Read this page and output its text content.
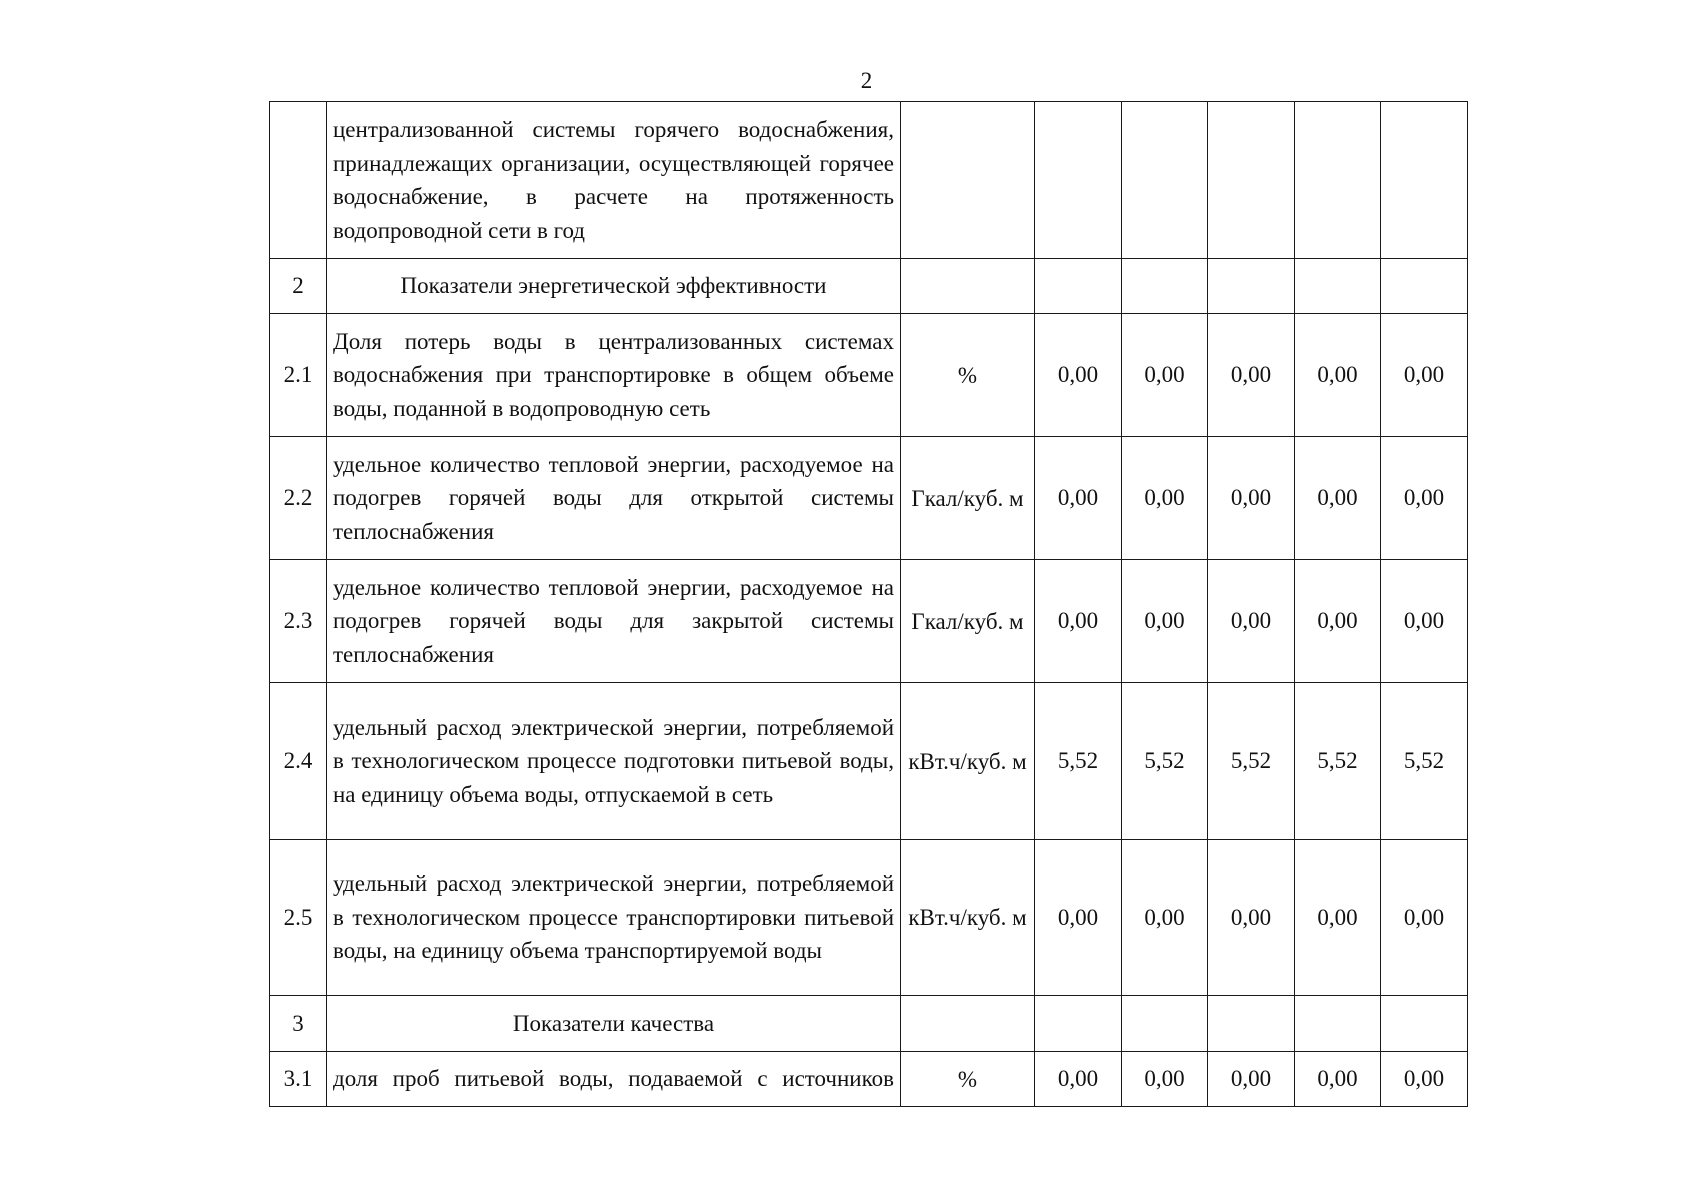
2
	централизованной системы горячего водоснабжения, принадлежащих организации, осуществляющей горячее водоснабжение, в расчете на протяженность водопроводной сети в год						
2	Показатели энергетической эффективности						
2.1	Доля потерь воды в централизованных системах водоснабжения при транспортировке в общем объеме воды, поданной в водопроводную сеть	%	0,00	0,00	0,00	0,00	0,00
2.2	удельное количество тепловой энергии, расходуемое на подогрев горячей воды для открытой системы теплоснабжения	Гкал/куб. м	0,00	0,00	0,00	0,00	0,00
2.3	удельное количество тепловой энергии, расходуемое на подогрев горячей воды для закрытой системы теплоснабжения	Гкал/куб. м	0,00	0,00	0,00	0,00	0,00
2.4	удельный расход электрической энергии, потребляемой в технологическом процессе подготовки питьевой воды, на единицу объема воды, отпускаемой в сеть	кВт.ч/куб. м	5,52	5,52	5,52	5,52	5,52
2.5	удельный расход электрической энергии, потребляемой в технологическом процессе транспортировки питьевой воды, на единицу объема транспортируемой воды	кВт.ч/куб. м	0,00	0,00	0,00	0,00	0,00
3	Показатели качества						
3.1	доля проб питьевой воды, подаваемой с источников	%	0,00	0,00	0,00	0,00	0,00
